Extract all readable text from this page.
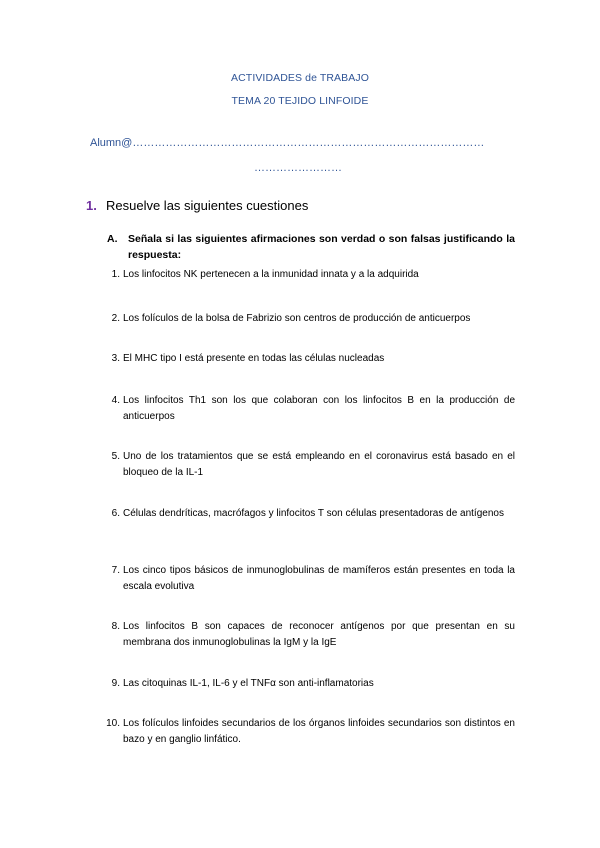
ACTIVIDADES de TRABAJO
TEMA 20 TEJIDO LINFOIDE
Alumn@……………………………………………………………………………………
……………………
1. Resuelve las siguientes cuestiones
A. Señala si las siguientes afirmaciones son verdad o son falsas justificando la respuesta:
1. Los linfocitos NK pertenecen a la inmunidad innata y a la adquirida
2. Los folículos de la bolsa de Fabrizio son centros de producción de anticuerpos
3. El MHC tipo I está presente en todas las células nucleadas
4. Los linfocitos Th1 son los que colaboran con los linfocitos B en la producción de anticuerpos
5. Uno de los tratamientos que se está empleando en el coronavirus está basado en el bloqueo de la IL-1
6. Células dendríticas, macrófagos y linfocitos T son células presentadoras de antígenos
7. Los cinco tipos básicos de inmunoglobulinas de mamíferos están presentes en toda la escala evolutiva
8. Los linfocitos B son capaces de reconocer antígenos por que presentan en su membrana dos inmunoglobulinas la IgM y la IgE
9. Las citoquinas IL-1, IL-6 y el TNFα son anti-inflamatorias
10. Los folículos linfoides secundarios de los órganos linfoides secundarios son distintos en bazo y en ganglio linfático.
